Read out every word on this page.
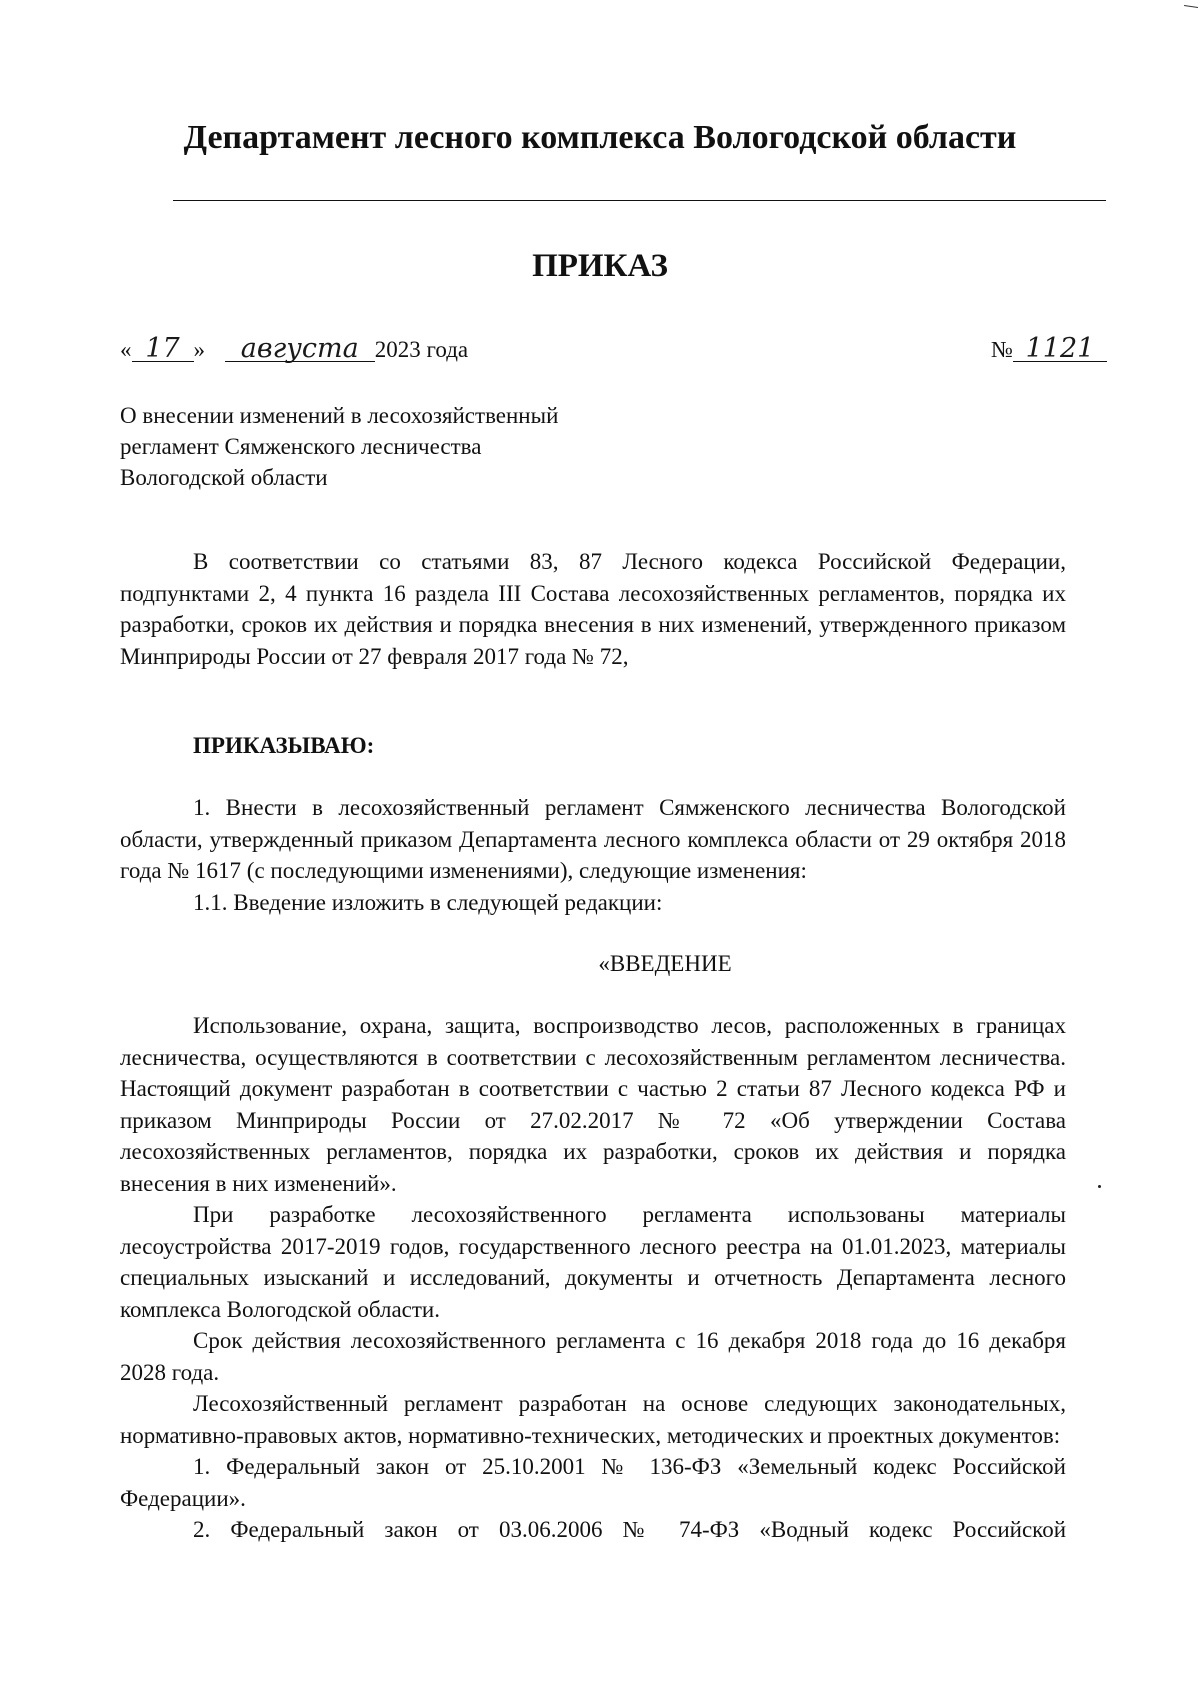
Департамент лесного комплекса Вологодской области
ПРИКАЗ
« 17 » августа 2023 года	№ 1121
О внесении изменений в лесохозяйственный
регламент Сямженского лесничества
Вологодской области

В соответствии со статьями 83, 87 Лесного кодекса Российской Федерации, подпунктами 2, 4 пункта 16 раздела III Состава лесохозяйственных регламентов, порядка их разработки, сроков их действия и порядка внесения в них изменений, утвержденного приказом Минприроды России от 27 февраля 2017 года № 72,

ПРИКАЗЫВАЮ:

1. Внести в лесохозяйственный регламент Сямженского лесничества Вологодской области, утвержденный приказом Департамента лесного комплекса области от 29 октября 2018 года № 1617 (с последующими изменениями), следующие изменения:

1.1. Введение изложить в следующей редакции:

«ВВЕДЕНИЕ

Использование, охрана, защита, воспроизводство лесов, расположенных в границах лесничества, осуществляются в соответствии с лесохозяйственным регламентом лесничества. Настоящий документ разработан в соответствии с частью 2 статьи 87 Лесного кодекса РФ и приказом Минприроды России от 27.02.2017 № 72 «Об утверждении Состава лесохозяйственных регламентов, порядка их разработки, сроков их действия и порядка внесения в них изменений».

При разработке лесохозяйственного регламента использованы материалы лесоустройства 2017-2019 годов, государственного лесного реестра на 01.01.2023, материалы специальных изысканий и исследований, документы и отчетность Департамента лесного комплекса Вологодской области.

Срок действия лесохозяйственного регламента с 16 декабря 2018 года до 16 декабря 2028 года.

Лесохозяйственный регламент разработан на основе следующих законодательных, нормативно-правовых актов, нормативно-технических, методических и проектных документов:

1. Федеральный закон от 25.10.2001 № 136-ФЗ «Земельный кодекс Российской Федерации».

2. Федеральный закон от 03.06.2006 № 74-ФЗ «Водный кодекс Российской
